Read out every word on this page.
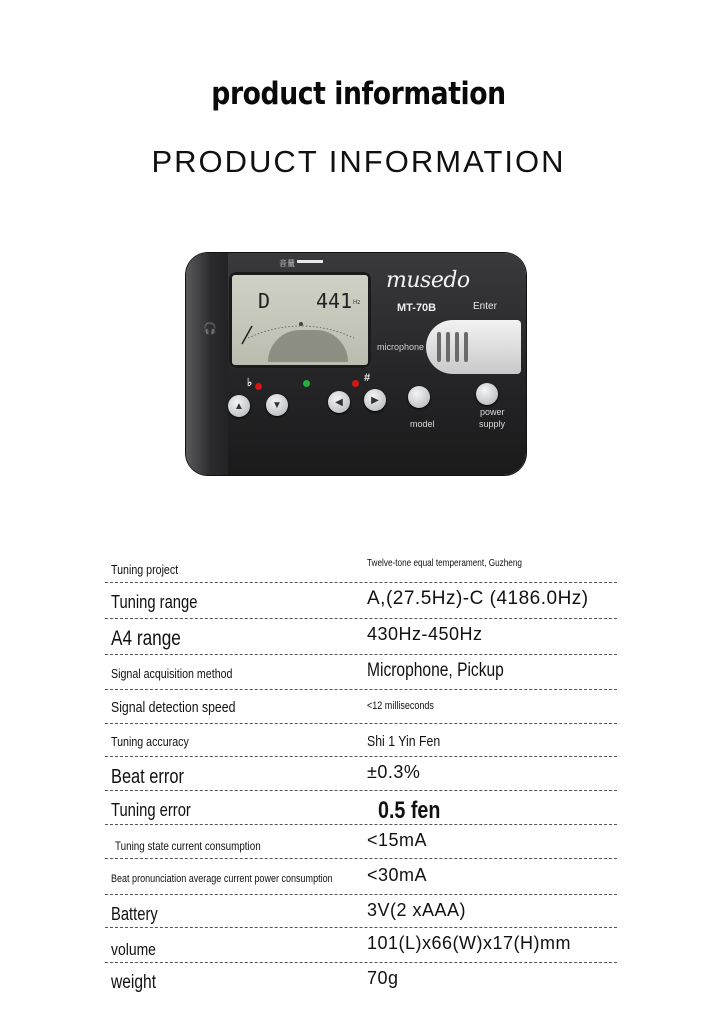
product information
PRODUCT INFORMATION
音量
D 441 Hz
musedo
MT-70B
microphone
Enter
🎧
♭	#
▲	▼	◀	▶
model
power
supply
Tuning project	Twelve-tone equal temperament, Guzheng
Tuning range	A,(27.5Hz)-C (4186.0Hz)
A4 range	430Hz-450Hz
Signal acquisition method	Microphone, Pickup
Signal detection speed	<12 milliseconds
Tuning accuracy	Shi 1 Yin Fen
Beat error	±0.3%
Tuning error	0.5 fen
Tuning state current consumption	<15mA
Beat pronunciation average current power consumption	<30mA
Battery	3V(2 xAAA)
volume	101(L)x66(W)x17(H)mm
weight	70g
